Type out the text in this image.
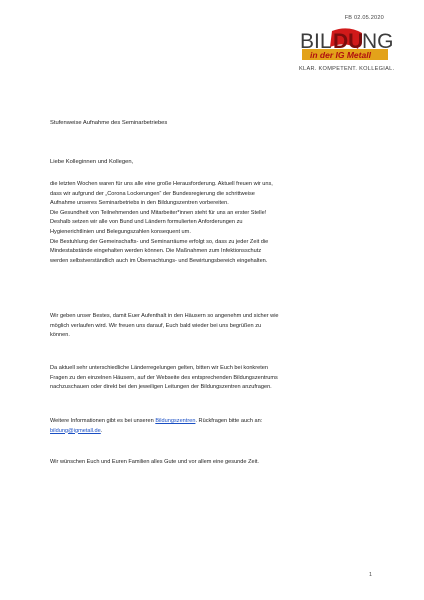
FB 02.05.2020
BIL DU
NG
in der IG Metall
KLAR. KOMPETENT. KOLLEGIAL.
Stufenweise Aufnahme des Seminarbetriebes
Liebe Kolleginnen und Kollegen,
die letzten Wochen waren für uns alle eine große Herausforderung. Aktuell freuen wir uns,
dass wir aufgrund der „Corona Lockerungen“ der Bundesregierung die schrittweise
Aufnahme unseres Seminarbetriebs in den Bildungszentren vorbereiten.
Die Gesundheit von Teilnehmenden und Mitarbeiter*innen steht für uns an erster Stelle!
Deshalb setzen wir alle von Bund und Ländern formulierten Anforderungen zu
Hygienerichtlinien und Belegungszahlen konsequent um.
Die Bestuhlung der Gemeinschafts- und Seminarräume erfolgt so, dass zu jeder Zeit die
Mindestabstände eingehalten werden können. Die Maßnahmen zum Infektionsschutz
werden selbstverständlich auch im Übernachtungs- und Bewirtungsbereich eingehalten.
Wir geben unser Bestes, damit Euer Aufenthalt in den Häusern so angenehm und sicher wie
möglich verlaufen wird. Wir freuen uns darauf, Euch bald wieder bei uns begrüßen zu
können.
Da aktuell sehr unterschiedliche Länderregelungen gelten, bitten wir Euch bei konkreten
Fragen zu den einzelnen Häusern, auf der Webseite des entsprechenden Bildungszentrums
nachzuschauen oder direkt bei den jeweiligen Leitungen der Bildungszentren anzufragen.
Weitere Informationen gibt es bei unseren Bildungszentren. Rückfragen bitte auch an:
bildung@igmetall.de.
Wir wünschen Euch und Euren Familien alles Gute und vor allem eine gesunde Zeit.
1
